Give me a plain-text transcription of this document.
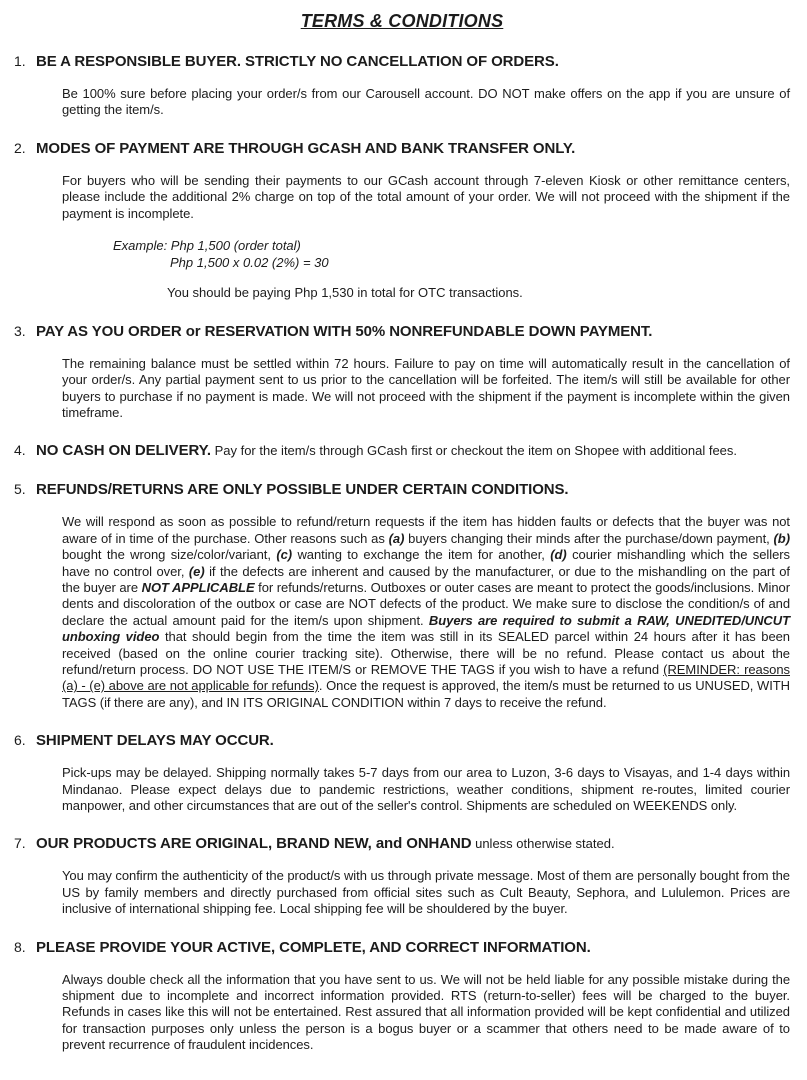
TERMS & CONDITIONS
1. BE A RESPONSIBLE BUYER. STRICTLY NO CANCELLATION OF ORDERS.

Be 100% sure before placing your order/s from our Carousell account. DO NOT make offers on the app if you are unsure of getting the item/s.

2. MODES OF PAYMENT ARE THROUGH GCASH AND BANK TRANSFER ONLY.

For buyers who will be sending their payments to our GCash account through 7-eleven Kiosk or other remittance centers, please include the additional 2% charge on top of the total amount of your order. We will not proceed with the shipment if the payment is incomplete.

Example: Php 1,500 (order total)
Php 1,500 x 0.02 (2%) = 30
You should be paying Php 1,530 in total for OTC transactions.
3. PAY AS YOU ORDER or RESERVATION WITH 50% NONREFUNDABLE DOWN PAYMENT.

The remaining balance must be settled within 72 hours. Failure to pay on time will automatically result in the cancellation of your order/s. Any partial payment sent to us prior to the cancellation will be forfeited. The item/s will still be available for other buyers to purchase if no payment is made. We will not proceed with the shipment if the payment is incomplete within the given timeframe.

4. NO CASH ON DELIVERY. Pay for the item/s through GCash first or checkout the item on Shopee with additional fees.
5. REFUNDS/RETURNS ARE ONLY POSSIBLE UNDER CERTAIN CONDITIONS.

We will respond as soon as possible to refund/return requests if the item has hidden faults or defects that the buyer was not aware of in time of the purchase. Other reasons such as (a) buyers changing their minds after the purchase/down payment, (b) bought the wrong size/color/variant, (c) wanting to exchange the item for another, (d) courier mishandling which the sellers have no control over, (e) if the defects are inherent and caused by the manufacturer, or due to the mishandling on the part of the buyer are NOT APPLICABLE for refunds/returns. Outboxes or outer cases are meant to protect the goods/inclusions. Minor dents and discoloration of the outbox or case are NOT defects of the product. We make sure to disclose the condition/s of and declare the actual amount paid for the item/s upon shipment. Buyers are required to submit a RAW, UNEDITED/UNCUT unboxing video that should begin from the time the item was still in its SEALED parcel within 24 hours after it has been received (based on the online courier tracking site). Otherwise, there will be no refund. Please contact us about the refund/return process. DO NOT USE THE ITEM/S or REMOVE THE TAGS if you wish to have a refund (REMINDER: reasons (a) - (e) above are not applicable for refunds). Once the request is approved, the item/s must be returned to us UNUSED, WITH TAGS (if there are any), and IN ITS ORIGINAL CONDITION within 7 days to receive the refund.

6. SHIPMENT DELAYS MAY OCCUR.

Pick-ups may be delayed. Shipping normally takes 5-7 days from our area to Luzon, 3-6 days to Visayas, and 1-4 days within Mindanao. Please expect delays due to pandemic restrictions, weather conditions, shipment re-routes, limited courier manpower, and other circumstances that are out of the seller's control. Shipments are scheduled on WEEKENDS only.

7. OUR PRODUCTS ARE ORIGINAL, BRAND NEW, and ONHAND unless otherwise stated.

You may confirm the authenticity of the product/s with us through private message. Most of them are personally bought from the US by family members and directly purchased from official sites such as Cult Beauty, Sephora, and Lululemon. Prices are inclusive of international shipping fee. Local shipping fee will be shouldered by the buyer.

8. PLEASE PROVIDE YOUR ACTIVE, COMPLETE, AND CORRECT INFORMATION.

Always double check all the information that you have sent to us. We will not be held liable for any possible mistake during the shipment due to incomplete and incorrect information provided. RTS (return-to-seller) fees will be charged to the buyer. Refunds in cases like this will not be entertained. Rest assured that all information provided will be kept confidential and utilized for transaction purposes only unless the person is a bogus buyer or a scammer that others need to be made aware of to prevent recurrence of fraudulent incidences.
